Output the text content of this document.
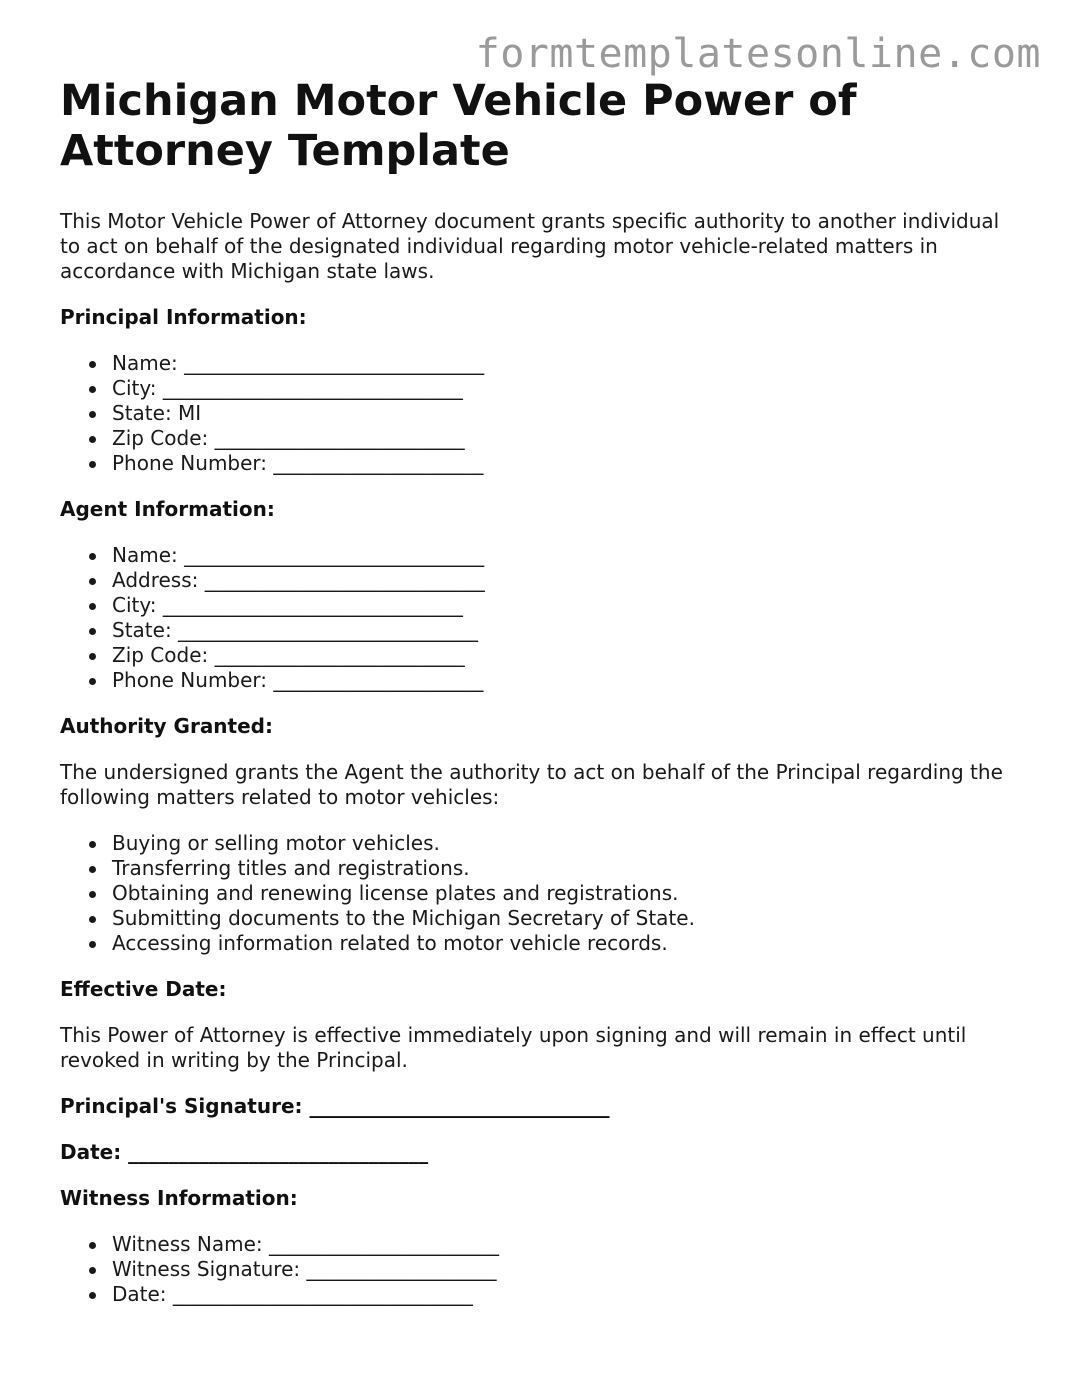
formtemplatesonline.com
Michigan Motor Vehicle Power of Attorney Template

This Motor Vehicle Power of Attorney document grants specific authority to another individual to act on behalf of the designated individual regarding motor vehicle-related matters in accordance with Michigan state laws.

Principal Information:
Name: ______________________________
City: ______________________________
State: MI
Zip Code: _________________________
Phone Number: _____________________
Agent Information:
Name: ______________________________
Address: ____________________________
City: ______________________________
State: ______________________________
Zip Code: _________________________
Phone Number: _____________________
Authority Granted:

The undersigned grants the Agent the authority to act on behalf of the Principal regarding the following matters related to motor vehicles:

Buying or selling motor vehicles.
Transferring titles and registrations.
Obtaining and renewing license plates and registrations.
Submitting documents to the Michigan Secretary of State.
Accessing information related to motor vehicle records.
Effective Date:

This Power of Attorney is effective immediately upon signing and will remain in effect until revoked in writing by the Principal.

Principal's Signature: ______________________________
Date: ______________________________
Witness Information:
Witness Name: _______________________
Witness Signature: ___________________
Date: ______________________________
